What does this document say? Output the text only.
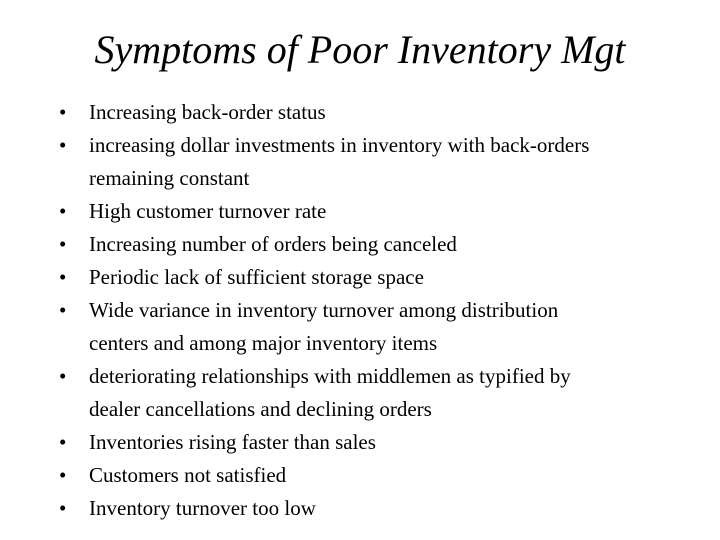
Symptoms of Poor Inventory Mgt
•	Increasing back-order status
•	increasing dollar investments in inventory with back-orders
remaining constant
•	High customer turnover rate
•	Increasing number of orders being canceled
•	Periodic lack of sufficient storage space
•	Wide variance in inventory turnover among distribution
centers and among major inventory items
•	deteriorating relationships with middlemen as typified by
dealer cancellations and declining orders
•	Inventories rising faster than sales
•	Customers not satisfied
•	Inventory turnover too low
